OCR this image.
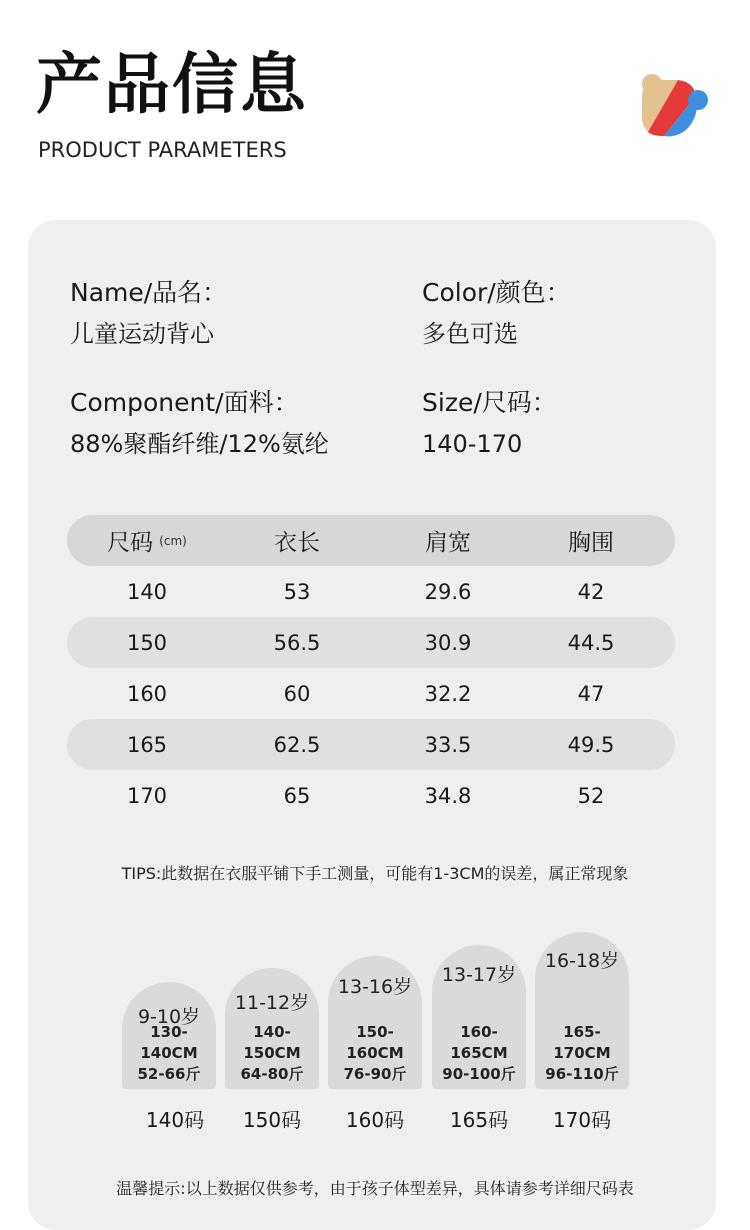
产品信息
PRODUCT PARAMETERS
Name/品名：
儿童运动背心
Color/颜色：
多色可选
Component/面料：
88%聚酯纤维/12%氨纶
Size/尺码：
140-170
尺码 (cm)	衣长	肩宽	胸围
140	53	29.6	42
150	56.5	30.9	44.5
160	60	32.2	47
165	62.5	33.5	49.5
170	65	34.8	52
TIPS:此数据在衣服平铺下手工测量，可能有1-3CM的误差，属正常现象
9-10岁
130-140CM
52-66斤
11-12岁
140-150CM
64-80斤
13-16岁
150-160CM
76-90斤
13-17岁
160-165CM
90-100斤
16-18岁
165-170CM
96-110斤
140码	150码	160码	165码	170码
温馨提示:以上数据仅供参考，由于孩子体型差异，具体请参考详细尺码表
